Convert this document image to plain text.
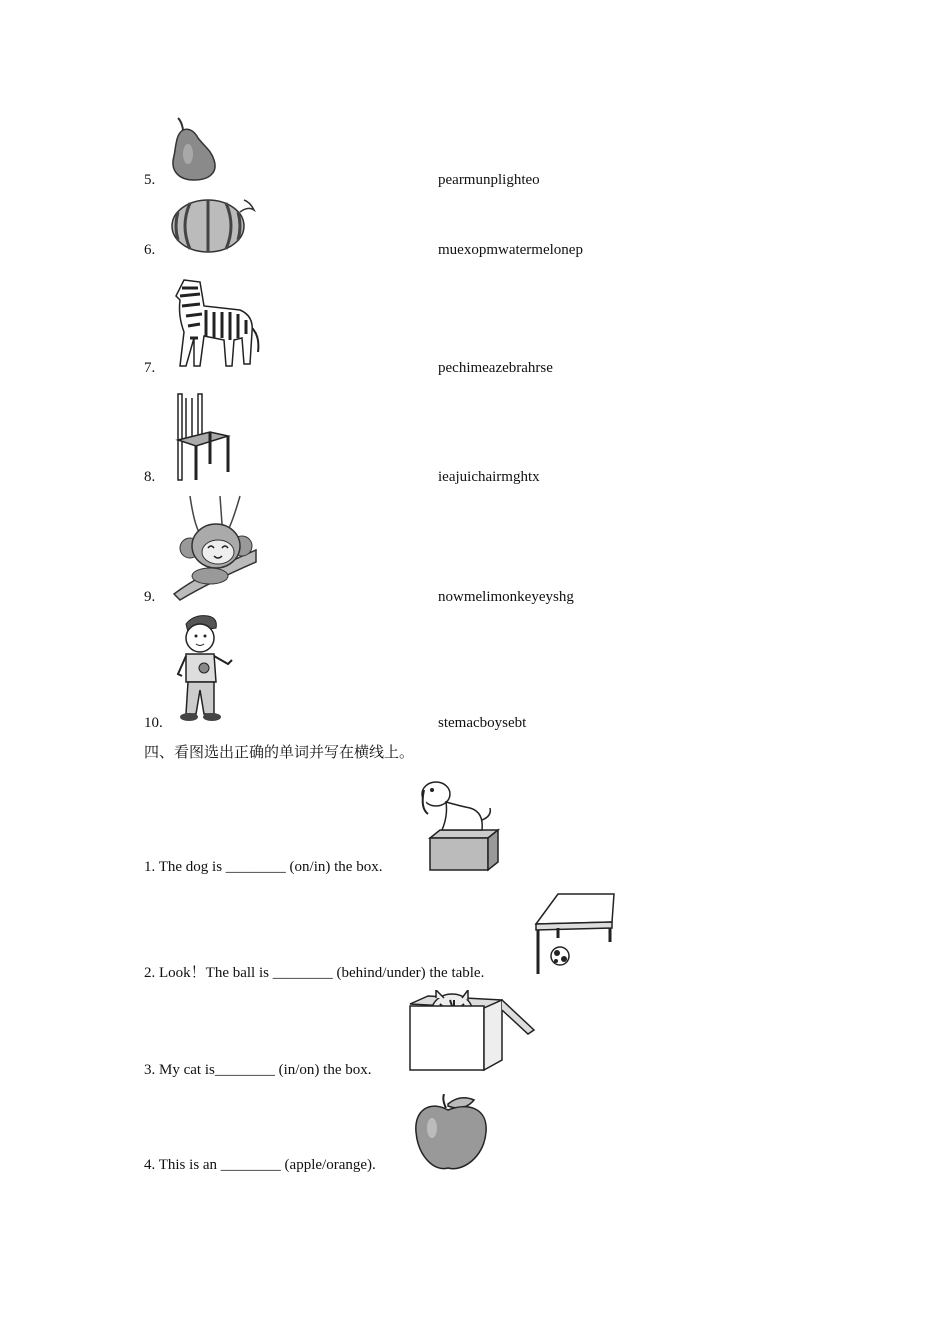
5.	pearmunplighteo
6.	muexopmwatermelonep
7.	pechimeazebrahrse
8.	ieajuichairmghtx
9.	nowmelimonkeyeyshg
10.	stemacboysebt
四、看图选出正确的单词并写在横线上。
1. The dog is ________ (on/in) the box.
2. Look！The ball is ________ (behind/under) the table.
3. My cat is________ (in/on) the box.
4. This is an ________ (apple/orange).
